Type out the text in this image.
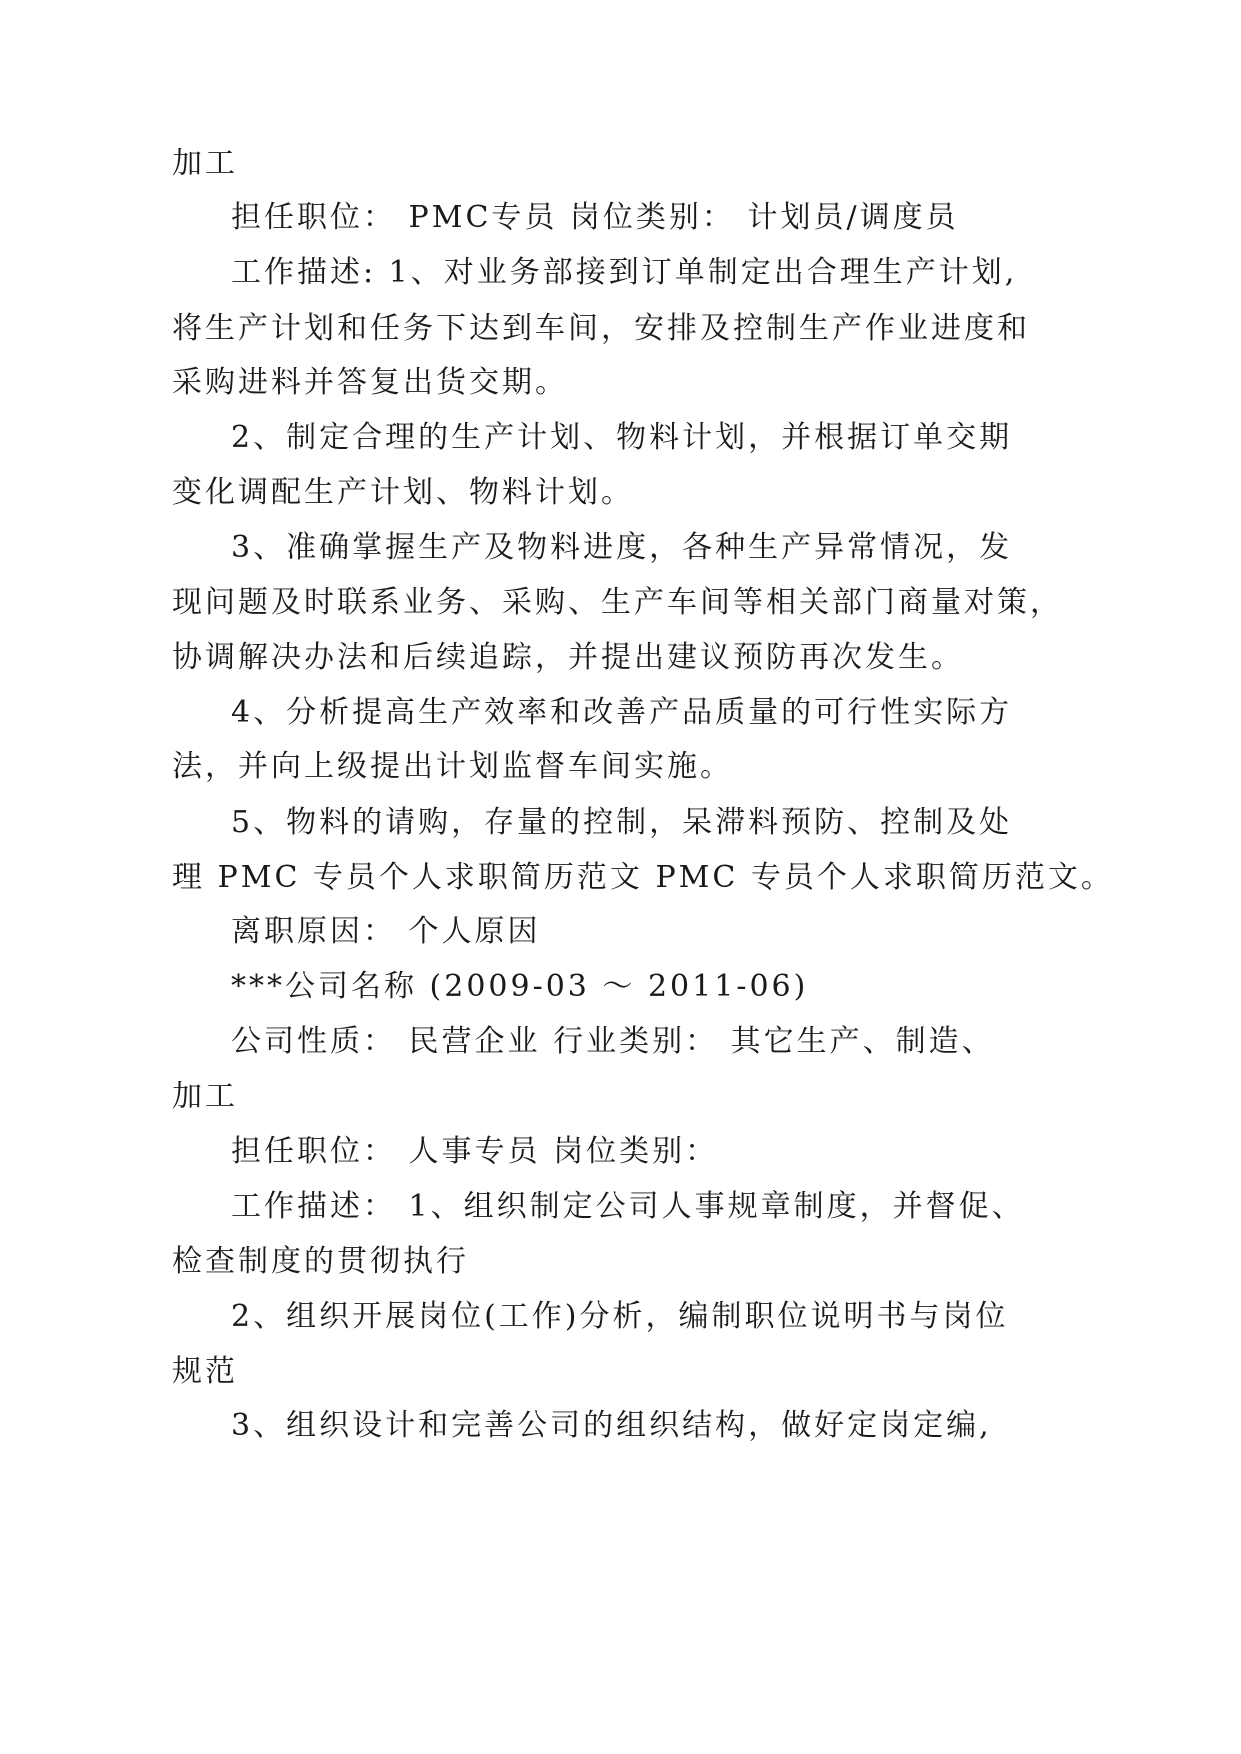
加工
担任职位： PMC专员 岗位类别： 计划员/调度员
工作描述: 1、对业务部接到订单制定出合理生产计划,
将生产计划和任务下达到车间，安排及控制生产作业进度和
采购进料并答复出货交期。
2、制定合理的生产计划、物料计划，并根据订单交期
变化调配生产计划、物料计划。
3、准确掌握生产及物料进度，各种生产异常情况，发
现问题及时联系业务、采购、生产车间等相关部门商量对策，
协调解决办法和后续追踪，并提出建议预防再次发生。
4、分析提高生产效率和改善产品质量的可行性实际方
法，并向上级提出计划监督车间实施。
5、物料的请购，存量的控制，呆滞料预防、控制及处
理 PMC 专员个人求职简历范文 PMC 专员个人求职简历范文。
离职原因： 个人原因
***公司名称 (2009-03 ～ 2011-06)
公司性质： 民营企业 行业类别： 其它生产、制造、
加工
担任职位： 人事专员 岗位类别：
工作描述： 1、组织制定公司人事规章制度，并督促、
检查制度的贯彻执行
2、组织开展岗位(工作)分析，编制职位说明书与岗位
规范
3、组织设计和完善公司的组织结构，做好定岗定编,
